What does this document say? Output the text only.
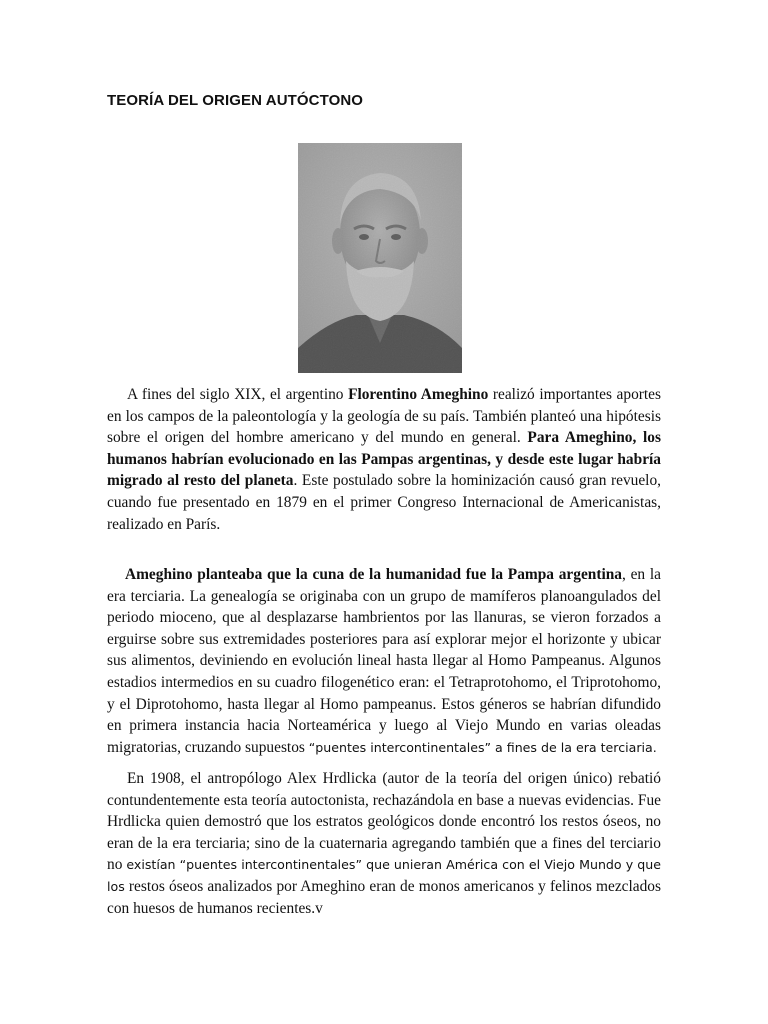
TEORÍA DEL ORIGEN AUTÓCTONO

A fines del siglo XIX, el argentino Florentino Ameghino realizó importantes aportes en los campos de la paleontología y la geología de su país. También planteó una hipótesis sobre el origen del hombre americano y del mundo en general. Para Ameghino, los humanos habrían evolucionado en las Pampas argentinas, y desde este lugar habría migrado al resto del planeta. Este postulado sobre la hominización causó gran revuelo, cuando fue presentado en 1879 en el primer Congreso Internacional de Americanistas, realizado en París.

Ameghino planteaba que la cuna de la humanidad fue la Pampa argentina, en la era terciaria. La genealogía se originaba con un grupo de mamíferos planoangulados del periodo mioceno, que al desplazarse hambrientos por las llanuras, se vieron forzados a erguirse sobre sus extremidades posteriores para así explorar mejor el horizonte y ubicar sus alimentos, deviniendo en evolución lineal hasta llegar al Homo Pampeanus. Algunos estadios intermedios en su cuadro filogenético eran: el Tetraprotohomo, el Triprotohomo, y el Diprotohomo, hasta llegar al Homo pampeanus. Estos géneros se habrían difundido en primera instancia hacia Norteamérica y luego al Viejo Mundo en varias oleadas migratorias, cruzando supuestos “puentes intercontinentales” a fines de la era terciaria.

En 1908, el antropólogo Alex Hrdlicka (autor de la teoría del origen único) rebatió contundentemente esta teoría autoctonista, rechazándola en base a nuevas evidencias. Fue Hrdlicka quien demostró que los estratos geológicos donde encontró los restos óseos, no eran de la era terciaria; sino de la cuaternaria agregando también que a fines del terciario no existían “puentes intercontinentales” que unieran América con el Viejo Mundo y que los restos óseos analizados por Ameghino eran de monos americanos y felinos mezclados con huesos de humanos recientes.v
